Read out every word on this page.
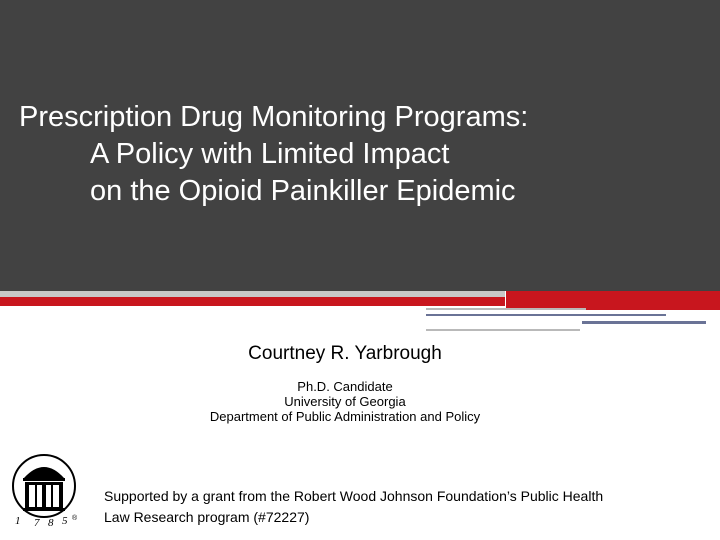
Prescription Drug Monitoring Programs:
A Policy with Limited Impact
on the Opioid Painkiller Epidemic
Courtney R. Yarbrough
Ph.D. Candidate
University of Georgia
Department of Public Administration and Policy
1 7 8 5 ®
Supported by a grant from the Robert Wood Johnson Foundation’s Public Health
Law Research program (#72227)
